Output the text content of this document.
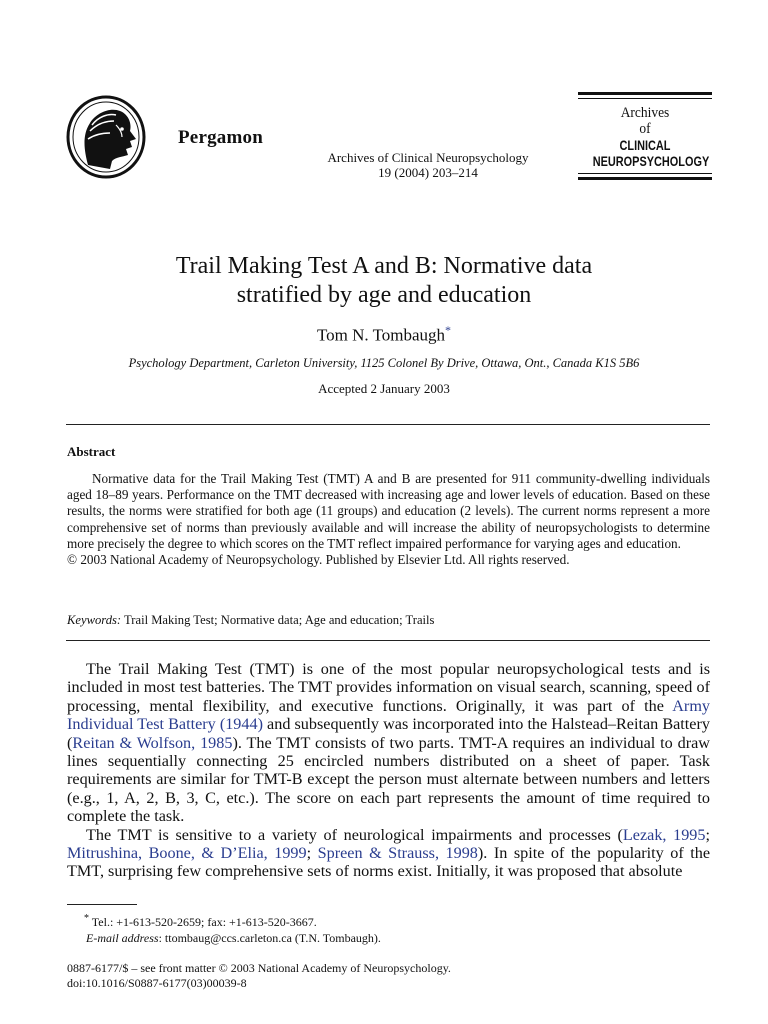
Pergamon
Archives of Clinical Neuropsychology
19 (2004) 203–214
Archives
of
CLINICAL
NEUROPSYCHOLOGY
Trail Making Test A and B: Normative data
stratified by age and education
Tom N. Tombaugh*
Psychology Department, Carleton University, 1125 Colonel By Drive, Ottawa, Ont., Canada K1S 5B6
Accepted 2 January 2003
Abstract

Normative data for the Trail Making Test (TMT) A and B are presented for 911 community-dwelling individuals aged 18–89 years. Performance on the TMT decreased with increasing age and lower levels of education. Based on these results, the norms were stratified for both age (11 groups) and education (2 levels). The current norms represent a more comprehensive set of norms than previously available and will increase the ability of neuropsychologists to determine more precisely the degree to which scores on the TMT reflect impaired performance for varying ages and education.

© 2003 National Academy of Neuropsychology. Published by Elsevier Ltd. All rights reserved.

Keywords: Trail Making Test; Normative data; Age and education; Trails

The Trail Making Test (TMT) is one of the most popular neuropsychological tests and is included in most test batteries. The TMT provides information on visual search, scanning, speed of processing, mental flexibility, and executive functions. Originally, it was part of the Army Individual Test Battery (1944) and subsequently was incorporated into the Halstead–Reitan Battery (Reitan & Wolfson, 1985). The TMT consists of two parts. TMT-A requires an individual to draw lines sequentially connecting 25 encircled numbers distributed on a sheet of paper. Task requirements are similar for TMT-B except the person must alternate between numbers and letters (e.g., 1, A, 2, B, 3, C, etc.). The score on each part represents the amount of time required to complete the task.

The TMT is sensitive to a variety of neurological impairments and processes (Lezak, 1995; Mitrushina, Boone, & D’Elia, 1999; Spreen & Strauss, 1998). In spite of the popularity of the TMT, surprising few comprehensive sets of norms exist. Initially, it was proposed that absolute

* Tel.: +1-613-520-2659; fax: +1-613-520-3667.
E-mail address: ttombaug@ccs.carleton.ca (T.N. Tombaugh).
0887-6177/$ – see front matter © 2003 National Academy of Neuropsychology.
doi:10.1016/S0887-6177(03)00039-8
